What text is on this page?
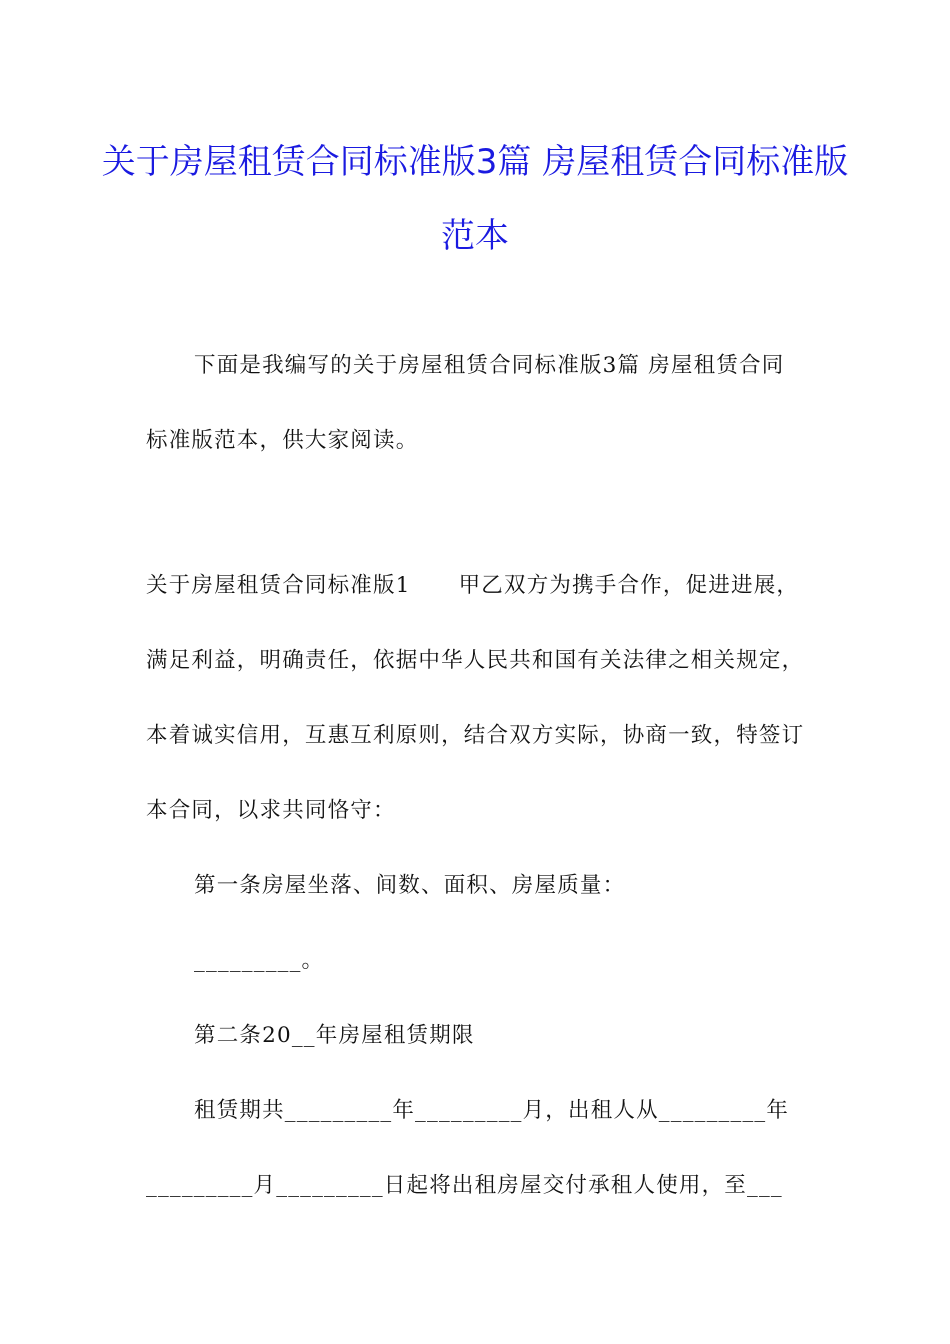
关于房屋租赁合同标准版3篇 房屋租赁合同标准版范本

下面是我编写的关于房屋租赁合同标准版3篇 房屋租赁合同标准版范本，供大家阅读。

关于房屋租赁合同标准版1 甲乙双方为携手合作，促进进展，满足利益，明确责任，依据中华人民共和国有关法律之相关规定，本着诚实信用，互惠互利原则，结合双方实际，协商一致，特签订本合同，以求共同恪守：

第一条房屋坐落、间数、面积、房屋质量：

_________。

第二条20__年房屋租赁期限

租赁期共_________年_________月，出租人从_________年
_________月_________日起将出租房屋交付承租人使用，至___
